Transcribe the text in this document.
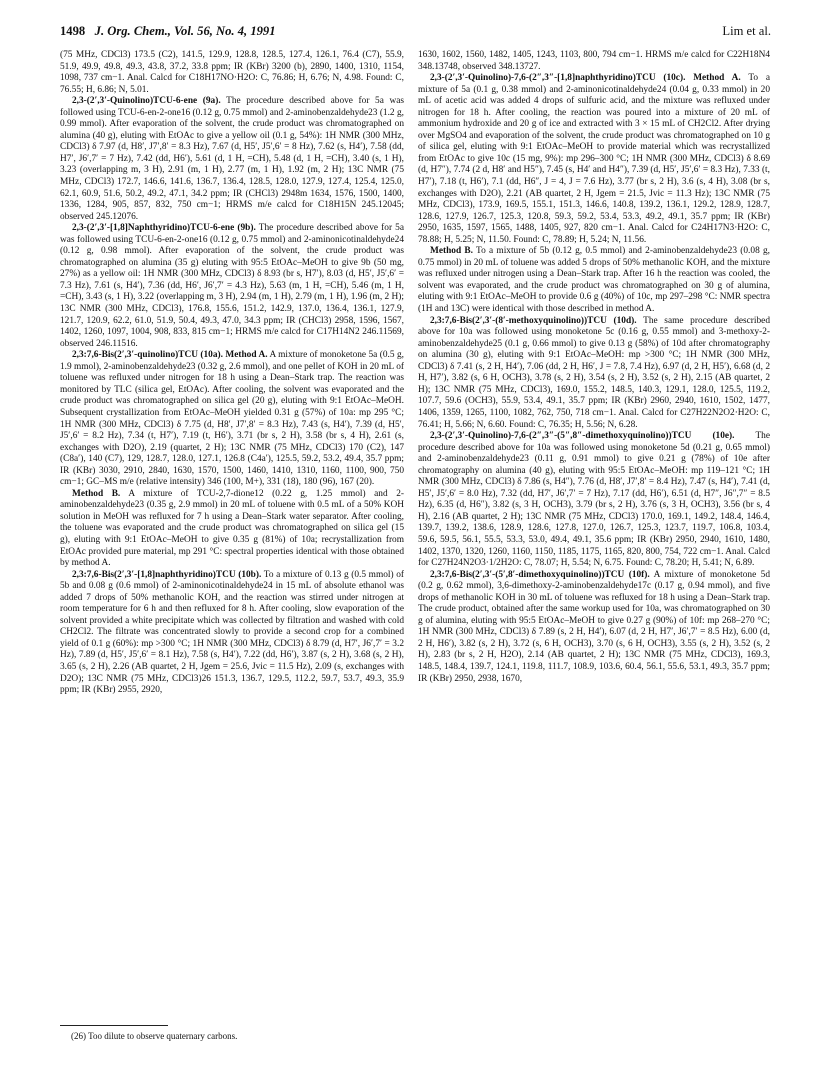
1498 J. Org. Chem., Vol. 56, No. 4, 1991	Lim et al.

(75 MHz, CDCl3) 173.5 (C2), 141.5, 129.9, 128.8, 128.5, 127.4, 126.1, 76.4 (C7), 55.9, 51.9, 49.9, 49.8, 49.3, 43.8, 37.2, 33.8 ppm; IR (KBr) 3200 (b), 2890, 1400, 1310, 1154, 1098, 737 cm−1. Anal. Calcd for C18H17NO·H2O: C, 76.86; H, 6.76; N, 4.98. Found: C, 76.55; H, 6.86; N, 5.01.

2,3-(2′,3′-Quinolino)TCU-6-ene (9a). The procedure described above for 5a was followed using TCU-6-en-2-one16 (0.12 g, 0.75 mmol) and 2-aminobenzaldehyde23 (1.2 g, 0.99 mmol). After evaporation of the solvent, the crude product was chromatographed on alumina (40 g), eluting with EtOAc to give a yellow oil (0.1 g, 54%): 1H NMR (300 MHz, CDCl3) δ 7.97 (d, H8′, J7′,8′ = 8.3 Hz), 7.67 (d, H5′, J5′,6′ = 8 Hz), 7.62 (s, H4′), 7.58 (dd, H7′, J6′,7′ = 7 Hz), 7.42 (dd, H6′), 5.61 (d, 1 H, =CH), 5.48 (d, 1 H, =CH), 3.40 (s, 1 H), 3.23 (overlapping m, 3 H), 2.91 (m, 1 H), 2.77 (m, 1 H), 1.92 (m, 2 H); 13C NMR (75 MHz, CDCl3) 172.7, 146.6, 141.6, 136.7, 136.4, 128.5, 128.0, 127.9, 127.4, 125.4, 125.0, 62.1, 60.9, 51.6, 50.2, 49.2, 47.1, 34.2 ppm; IR (CHCl3) 2948m 1634, 1576, 1500, 1400, 1336, 1284, 905, 857, 832, 750 cm−1; HRMS m/e calcd for C18H15N 245.12045; observed 245.12076.

2,3-(2′,3′-[1,8]Naphthyridino)TCU-6-ene (9b). The procedure described above for 5a was followed using TCU-6-en-2-one16 (0.12 g, 0.75 mmol) and 2-aminonicotinaldehyde24 (0.12 g, 0.98 mmol). After evaporation of the solvent, the crude product was chromatographed on alumina (35 g) eluting with 95:5 EtOAc–MeOH to give 9b (50 mg, 27%) as a yellow oil: 1H NMR (300 MHz, CDCl3) δ 8.93 (br s, H7′), 8.03 (d, H5′, J5′,6′ = 7.3 Hz), 7.61 (s, H4′), 7.36 (dd, H6′, J6′,7′ = 4.3 Hz), 5.63 (m, 1 H, =CH), 5.46 (m, 1 H, =CH), 3.43 (s, 1 H), 3.22 (overlapping m, 3 H), 2.94 (m, 1 H), 2.79 (m, 1 H), 1.96 (m, 2 H); 13C NMR (300 MHz, CDCl3), 176.8, 155.6, 151.2, 142.9, 137.0, 136.4, 136.1, 127.9, 121.7, 120.9, 62.2, 61.0, 51.9, 50.4, 49.3, 47.0, 34.3 ppm; IR (CHCl3) 2958, 1596, 1567, 1402, 1260, 1097, 1004, 908, 833, 815 cm−1; HRMS m/e calcd for C17H14N2 246.11569, observed 246.11516.

2,3:7,6-Bis(2′,3′-quinolino)TCU (10a). Method A. A mixture of monoketone 5a (0.5 g, 1.9 mmol), 2-aminobenzaldehyde23 (0.32 g, 2.6 mmol), and one pellet of KOH in 20 mL of toluene was refluxed under nitrogen for 18 h using a Dean–Stark trap. The reaction was monitored by TLC (silica gel, EtOAc). After cooling, the solvent was evaporated and the crude product was chromatographed on silica gel (20 g), eluting with 9:1 EtOAc–MeOH. Subsequent crystallization from EtOAc–MeOH yielded 0.31 g (57%) of 10a: mp 295 °C; 1H NMR (300 MHz, CDCl3) δ 7.75 (d, H8′, J7′,8′ = 8.3 Hz), 7.43 (s, H4′), 7.39 (d, H5′, J5′,6′ = 8.2 Hz), 7.34 (t, H7′), 7.19 (t, H6′), 3.71 (br s, 2 H), 3.58 (br s, 4 H), 2.61 (s, exchanges with D2O), 2.19 (quartet, 2 H); 13C NMR (75 MHz, CDCl3) 170 (C2), 147 (C8a′), 140 (C7), 129, 128.7, 128.0, 127.1, 126.8 (C4a′), 125.5, 59.2, 53.2, 49.4, 35.7 ppm; IR (KBr) 3030, 2910, 2840, 1630, 1570, 1500, 1460, 1410, 1310, 1160, 1100, 900, 750 cm−1; GC–MS m/e (relative intensity) 346 (100, M+), 331 (18), 180 (96), 167 (20).

Method B. A mixture of TCU-2,7-dione12 (0.22 g, 1.25 mmol) and 2-aminobenzaldehyde23 (0.35 g, 2.9 mmol) in 20 mL of toluene with 0.5 mL of a 50% KOH solution in MeOH was refluxed for 7 h using a Dean–Stark water separator. After cooling, the toluene was evaporated and the crude product was chromatographed on silica gel (15 g), eluting with 9:1 EtOAc–MeOH to give 0.35 g (81%) of 10a; recrystallization from EtOAc provided pure material, mp 291 °C: spectral properties identical with those obtained by method A.

2,3:7,6-Bis(2′,3′-[1,8]naphthyridino)TCU (10b). To a mixture of 0.13 g (0.5 mmol) of 5b and 0.08 g (0.6 mmol) of 2-aminonicotinaldehyde24 in 15 mL of absolute ethanol was added 7 drops of 50% methanolic KOH, and the reaction was stirred under nitrogen at room temperature for 6 h and then refluxed for 8 h. After cooling, slow evaporation of the solvent provided a white precipitate which was collected by filtration and washed with cold CH2Cl2. The filtrate was concentrated slowly to provide a second crop for a combined yield of 0.1 g (60%): mp >300 °C; 1H NMR (300 MHz, CDCl3) δ 8.79 (d, H7′, J6′,7′ = 3.2 Hz), 7.89 (d, H5′, J5′,6′ = 8.1 Hz), 7.58 (s, H4′), 7.22 (dd, H6′), 3.87 (s, 2 H), 3.68 (s, 2 H), 3.65 (s, 2 H), 2.26 (AB quartet, 2 H, Jgem = 25.6, Jvic = 11.5 Hz), 2.09 (s, exchanges with D2O); 13C NMR (75 MHz, CDCl3)26 151.3, 136.7, 129.5, 112.2, 59.7, 53.7, 49.3, 35.9 ppm; IR (KBr) 2955, 2920,

1630, 1602, 1560, 1482, 1405, 1243, 1103, 800, 794 cm−1. HRMS m/e calcd for C22H18N4 348.13748, observed 348.13727.

2,3-(2′,3′-Quinolino)-7,6-(2″,3″-[1,8]naphthyridino)TCU (10c). Method A. To a mixture of 5a (0.1 g, 0.38 mmol) and 2-aminonicotinaldehyde24 (0.04 g, 0.33 mmol) in 20 mL of acetic acid was added 4 drops of sulfuric acid, and the mixture was refluxed under nitrogen for 18 h. After cooling, the reaction was poured into a mixture of 20 mL of ammonium hydroxide and 20 g of ice and extracted with 3 × 15 mL of CH2Cl2. After drying over MgSO4 and evaporation of the solvent, the crude product was chromatographed on 10 g of silica gel, eluting with 9:1 EtOAc–MeOH to provide material which was recrystallized from EtOAc to give 10c (15 mg, 9%): mp 296–300 °C; 1H NMR (300 MHz, CDCl3) δ 8.69 (d, H7″), 7.74 (2 d, H8′ and H5″), 7.45 (s, H4′ and H4″), 7.39 (d, H5′, J5′,6′ = 8.3 Hz), 7.33 (t, H7′), 7.18 (t, H6′), 7.1 (dd, H6″, J = 4, J = 7.6 Hz), 3.77 (br s, 2 H), 3.6 (s, 4 H), 3.08 (br s, exchanges with D2O), 2.21 (AB quartet, 2 H, Jgem = 21.5, Jvic = 11.3 Hz); 13C NMR (75 MHz, CDCl3), 173.9, 169.5, 155.1, 151.3, 146.6, 140.8, 139.2, 136.1, 129.2, 128.9, 128.7, 128.6, 127.9, 126.7, 125.3, 120.8, 59.3, 59.2, 53.4, 53.3, 49.2, 49.1, 35.7 ppm; IR (KBr) 2950, 1635, 1597, 1565, 1488, 1405, 927, 820 cm−1. Anal. Calcd for C24H17N3·H2O: C, 78.88; H, 5.25; N, 11.50. Found: C, 78.89; H, 5.24; N, 11.56.

Method B. To a mixture of 5b (0.12 g, 0.5 mmol) and 2-aminobenzaldehyde23 (0.08 g, 0.75 mmol) in 20 mL of toluene was added 5 drops of 50% methanolic KOH, and the mixture was refluxed under nitrogen using a Dean–Stark trap. After 16 h the reaction was cooled, the solvent was evaporated, and the crude product was chromatographed on 30 g of alumina, eluting with 9:1 EtOAc–MeOH to provide 0.6 g (40%) of 10c, mp 297–298 °C: NMR spectra (1H and 13C) were identical with those described in method A.

2,3:7,6-Bis(2′,3′-(8′-methoxyquinolino))TCU (10d). The same procedure described above for 10a was followed using monoketone 5c (0.16 g, 0.55 mmol) and 3-methoxy-2-aminobenzaldehyde25 (0.1 g, 0.66 mmol) to give 0.13 g (58%) of 10d after chromatography on alumina (30 g), eluting with 9:1 EtOAc–MeOH: mp >300 °C; 1H NMR (300 MHz, CDCl3) δ 7.41 (s, 2 H, H4′), 7.06 (dd, 2 H, H6′, J = 7.8, 7.4 Hz), 6.97 (d, 2 H, H5′), 6.68 (d, 2 H, H7′), 3.82 (s, 6 H, OCH3), 3.78 (s, 2 H), 3.54 (s, 2 H), 3.52 (s, 2 H), 2.15 (AB quartet, 2 H); 13C NMR (75 MHz, CDCl3), 169.0, 155.2, 148.5, 140.3, 129.1, 128.0, 125.5, 119.2, 107.7, 59.6 (OCH3), 55.9, 53.4, 49.1, 35.7 ppm; IR (KBr) 2960, 2940, 1610, 1502, 1477, 1406, 1359, 1265, 1100, 1082, 762, 750, 718 cm−1. Anal. Calcd for C27H22N2O2·H2O: C, 76.41; H, 5.66; N, 6.60. Found: C, 76.35; H, 5.56; N, 6.28.

2,3-(2′,3′-Quinolino)-7,6-(2″,3″-(5″,8″-dimethoxyquinolino))TCU (10e). The procedure described above for 10a was followed using monoketone 5d (0.21 g, 0.65 mmol) and 2-aminobenzaldehyde23 (0.11 g, 0.91 mmol) to give 0.21 g (78%) of 10e after chromatography on alumina (40 g), eluting with 95:5 EtOAc–MeOH: mp 119–121 °C; 1H NMR (300 MHz, CDCl3) δ 7.86 (s, H4″), 7.76 (d, H8′, J7′,8′ = 8.4 Hz), 7.47 (s, H4′), 7.41 (d, H5′, J5′,6′ = 8.0 Hz), 7.32 (dd, H7′, J6′,7′ = 7 Hz), 7.17 (dd, H6′), 6.51 (d, H7″, J6″,7″ = 8.5 Hz), 6.35 (d, H6″), 3.82 (s, 3 H, OCH3), 3.79 (br s, 2 H), 3.76 (s, 3 H, OCH3), 3.56 (br s, 4 H), 2.16 (AB quartet, 2 H); 13C NMR (75 MHz, CDCl3) 170.0, 169.1, 149.2, 148.4, 146.4, 139.7, 139.2, 138.6, 128.9, 128.6, 127.8, 127.0, 126.7, 125.3, 123.7, 119.7, 106.8, 103.4, 59.6, 59.5, 56.1, 55.5, 53.3, 53.0, 49.4, 49.1, 35.6 ppm; IR (KBr) 2950, 2940, 1610, 1480, 1402, 1370, 1320, 1260, 1160, 1150, 1185, 1175, 1165, 820, 800, 754, 722 cm−1. Anal. Calcd for C27H24N2O3·1/2H2O: C, 78.07; H, 5.54; N, 6.75. Found: C, 78.20; H, 5.41; N, 6.89.

2,3:7,6-Bis(2′,3′-(5′,8′-dimethoxyquinolino))TCU (10f). A mixture of monoketone 5d (0.2 g, 0.62 mmol), 3,6-dimethoxy-2-aminobenzaldehyde17c (0.17 g, 0.94 mmol), and five drops of methanolic KOH in 30 mL of toluene was refluxed for 18 h using a Dean–Stark trap. The crude product, obtained after the same workup used for 10a, was chromatographed on 30 g of alumina, eluting with 95:5 EtOAc–MeOH to give 0.27 g (90%) of 10f: mp 268–270 °C; 1H NMR (300 MHz, CDCl3) δ 7.89 (s, 2 H, H4′), 6.07 (d, 2 H, H7′, J6′,7′ = 8.5 Hz), 6.00 (d, 2 H, H6′), 3.82 (s, 2 H), 3.72 (s, 6 H, OCH3), 3.70 (s, 6 H, OCH3), 3.55 (s, 2 H), 3.52 (s, 2 H), 2.83 (br s, 2 H, H2O), 2.14 (AB quartet, 2 H); 13C NMR (75 MHz, CDCl3), 169.3, 148.5, 148.4, 139.7, 124.1, 119.8, 111.7, 108.9, 103.6, 60.4, 56.1, 55.6, 53.1, 49.3, 35.7 ppm; IR (KBr) 2950, 2938, 1670,

(26) Too dilute to observe quaternary carbons.
